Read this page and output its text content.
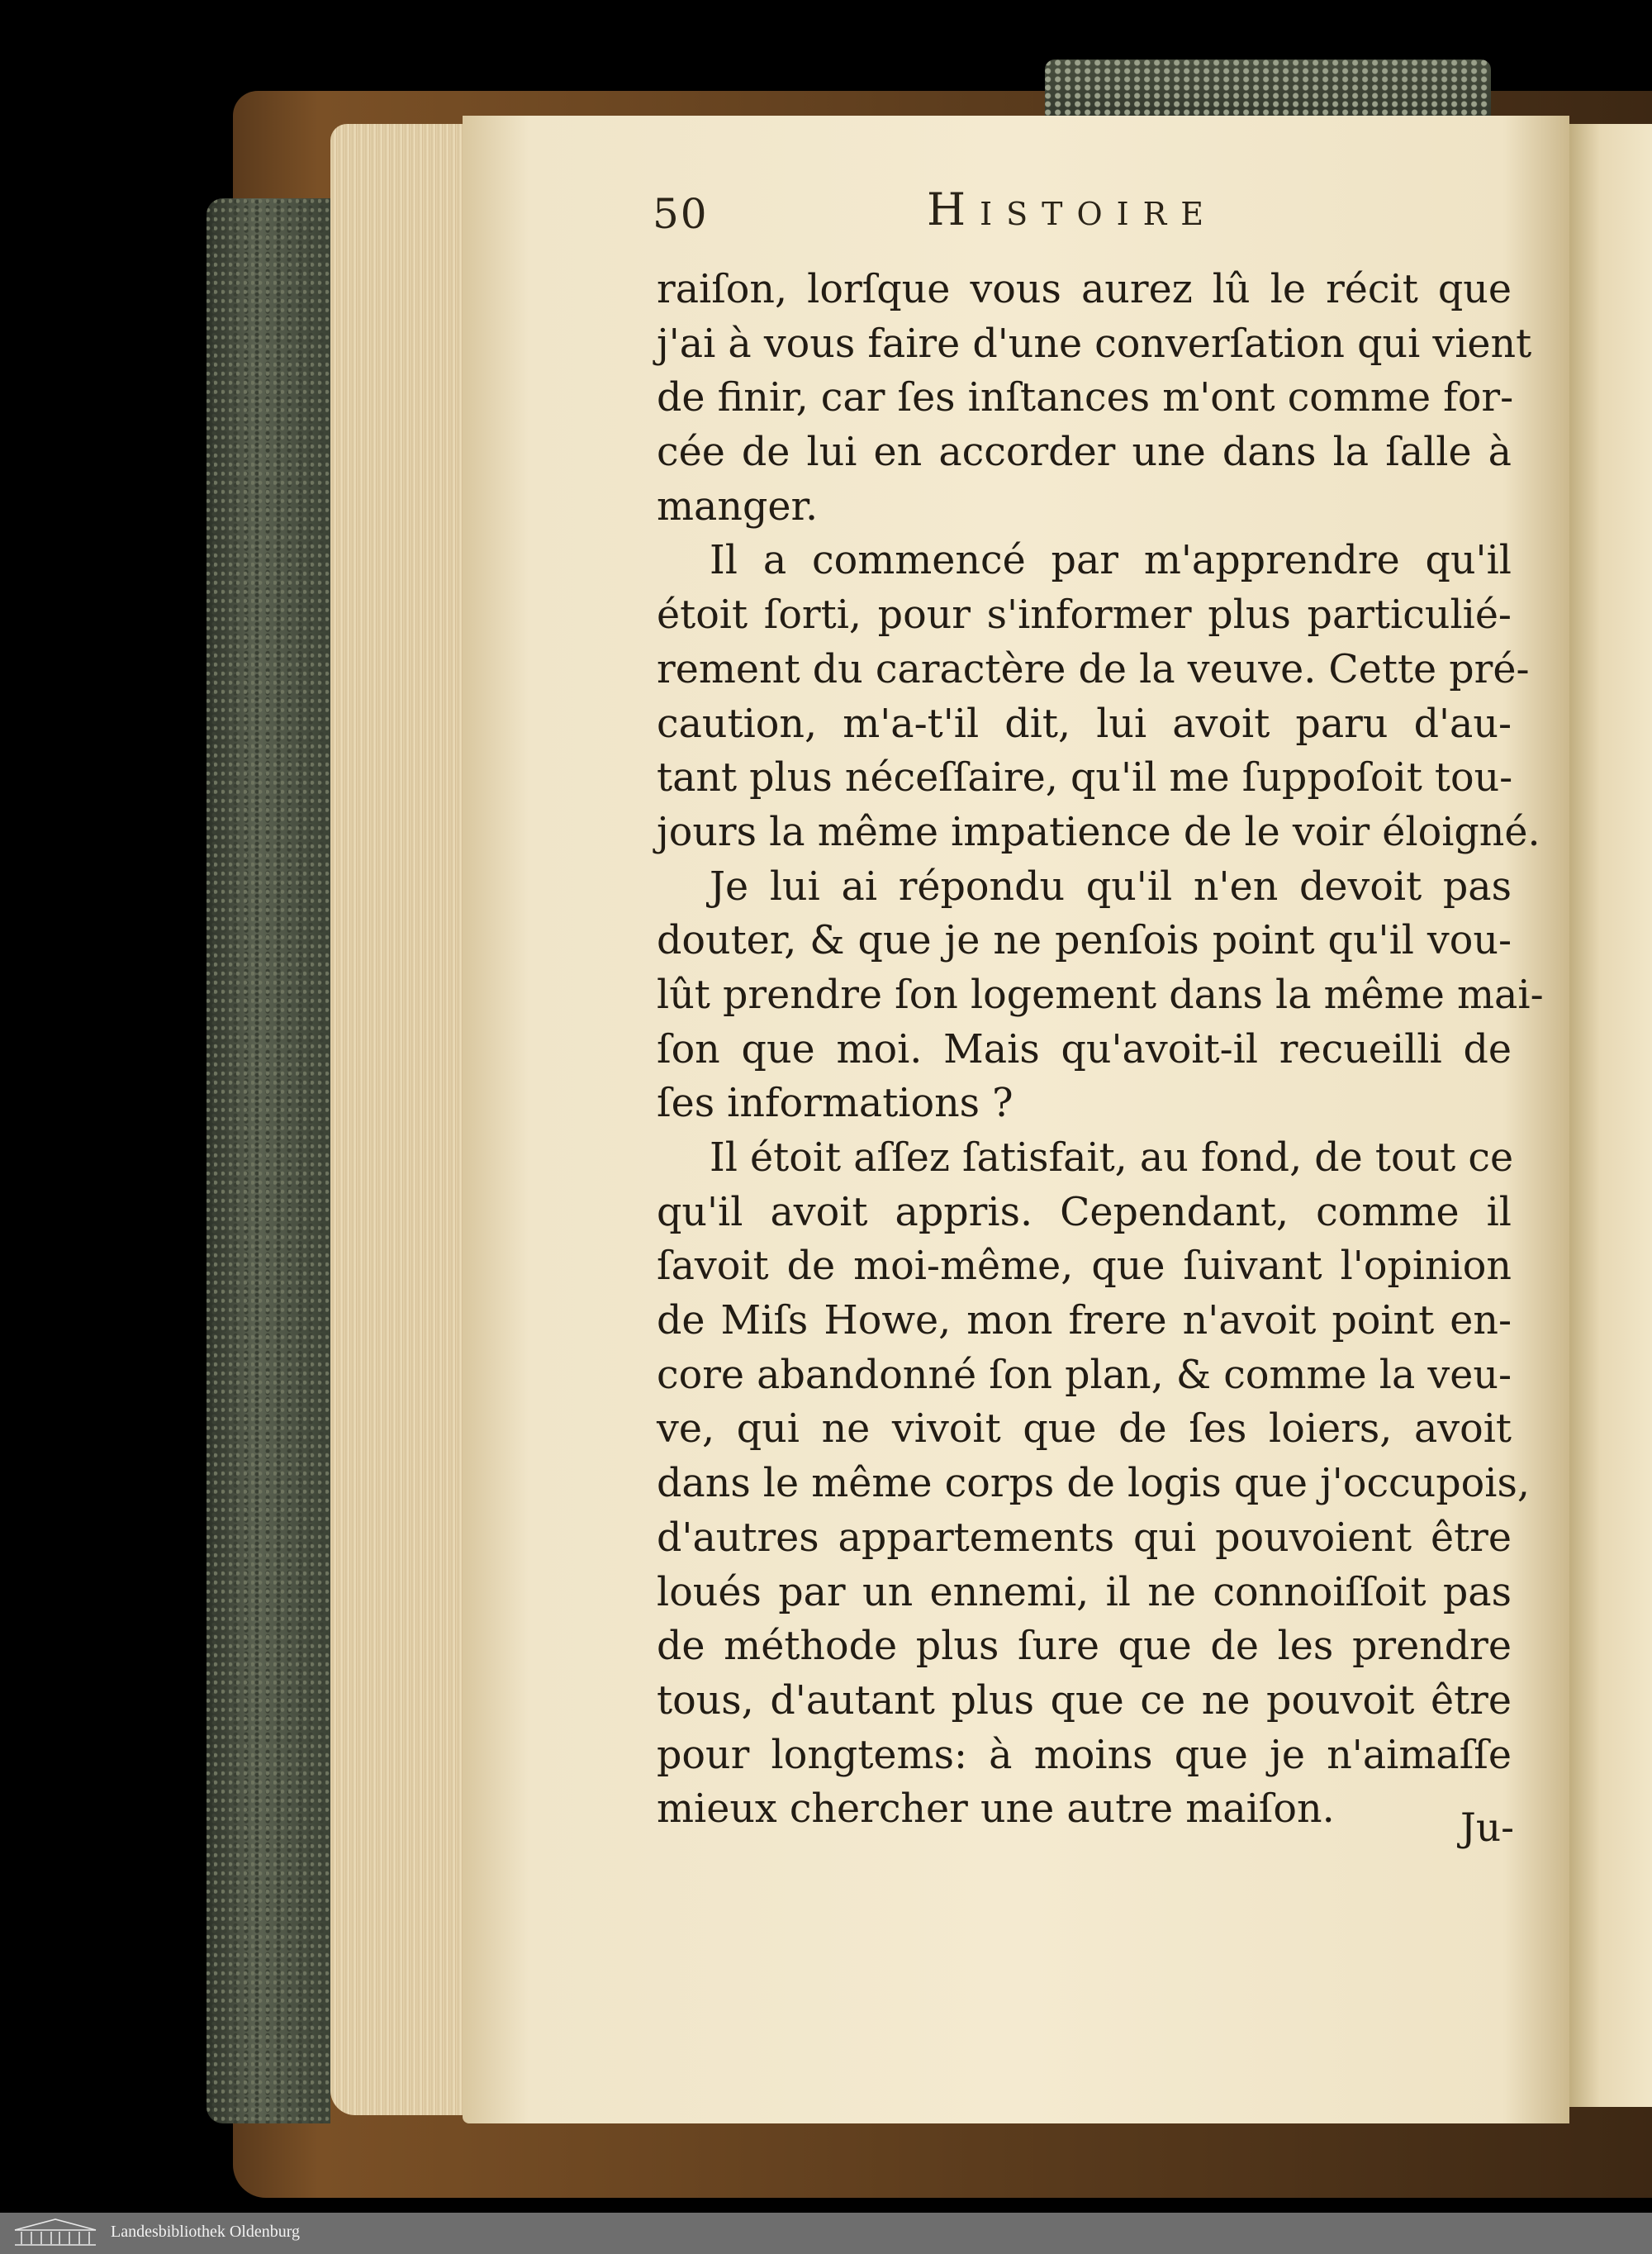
50	Histoire
raiſon, lorſque vous aurez lû le récit que
j'ai à vous faire d'une converſation qui vient
de finir, car ſes inſtances m'ont comme for-
cée de lui en accorder une dans la ſalle à
manger.
Il a commencé par m'apprendre qu'il
étoit ſorti, pour s'informer plus particulié-
rement du caractère de la veuve. Cette pré-
caution, m'a-t'il dit, lui avoit paru d'au-
tant plus néceſſaire, qu'il me ſuppoſoit tou-
jours la même impatience de le voir éloigné.
Je lui ai répondu qu'il n'en devoit pas
douter, & que je ne penſois point qu'il vou-
lût prendre ſon logement dans la même mai-
ſon que moi. Mais qu'avoit-il recueilli de
ſes informations ?
Il étoit aſſez ſatisfait, au fond, de tout ce
qu'il avoit appris. Cependant, comme il
ſavoit de moi-même, que ſuivant l'opinion
de Miſs Howe, mon frere n'avoit point en-
core abandonné ſon plan, & comme la veu-
ve, qui ne vivoit que de ſes loiers, avoit
dans le même corps de logis que j'occupois,
d'autres appartements qui pouvoient être
loués par un ennemi, il ne connoiſſoit pas
de méthode plus ſure que de les prendre
tous, d'autant plus que ce ne pouvoit être
pour longtems: à moins que je n'aimaſſe
mieux chercher une autre maiſon.	Ju-
Landesbibliothek Oldenburg
